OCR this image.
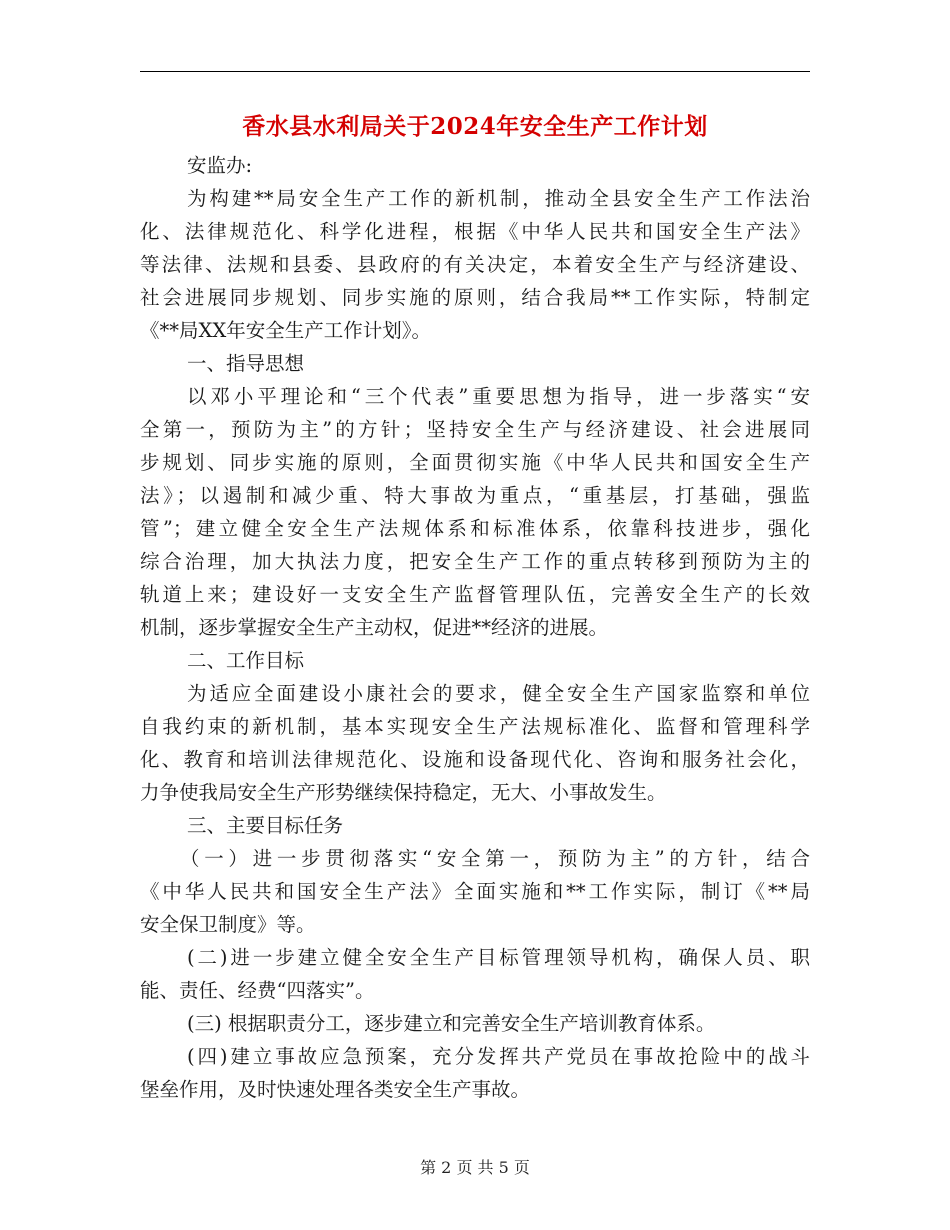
香水县水利局关于2024年安全生产工作计划
安监办:
为构建**局安全生产工作的新机制，推动全县安全生产工作法治
化、法律规范化、科学化进程，根据《中华人民共和国安全生产法》
等法律、法规和县委、县政府的有关决定，本着安全生产与经济建设、
社会进展同步规划、同步实施的原则，结合我局**工作实际，特制定
《**局XX年安全生产工作计划》。
一、指导思想
以邓小平理论和“三个代表”重要思想为指导，进一步落实“安
全第一，预防为主”的方针；坚持安全生产与经济建设、社会进展同
步规划、同步实施的原则，全面贯彻实施《中华人民共和国安全生产
法》；以遏制和减少重、特大事故为重点，“重基层，打基础，强监
管”；建立健全安全生产法规体系和标准体系，依靠科技进步，强化
综合治理，加大执法力度，把安全生产工作的重点转移到预防为主的
轨道上来；建设好一支安全生产监督管理队伍，完善安全生产的长效
机制，逐步掌握安全生产主动权，促进**经济的进展。
二、工作目标
为适应全面建设小康社会的要求，健全安全生产国家监察和单位
自我约束的新机制，基本实现安全生产法规标准化、监督和管理科学
化、教育和培训法律规范化、设施和设备现代化、咨询和服务社会化，
力争使我局安全生产形势继续保持稳定，无大、小事故发生。
三、主要目标任务
（一）进一步贯彻落实“安全第一，预防为主”的方针，结合
《中华人民共和国安全生产法》全面实施和**工作实际，制订《**局
安全保卫制度》等。
(二)进一步建立健全安全生产目标管理领导机构，确保人员、职
能、责任、经费“四落实”。
(三) 根据职责分工，逐步建立和完善安全生产培训教育体系。
(四)建立事故应急预案，充分发挥共产党员在事故抢险中的战斗
堡垒作用，及时快速处理各类安全生产事故。
第 2 页 共 5 页
